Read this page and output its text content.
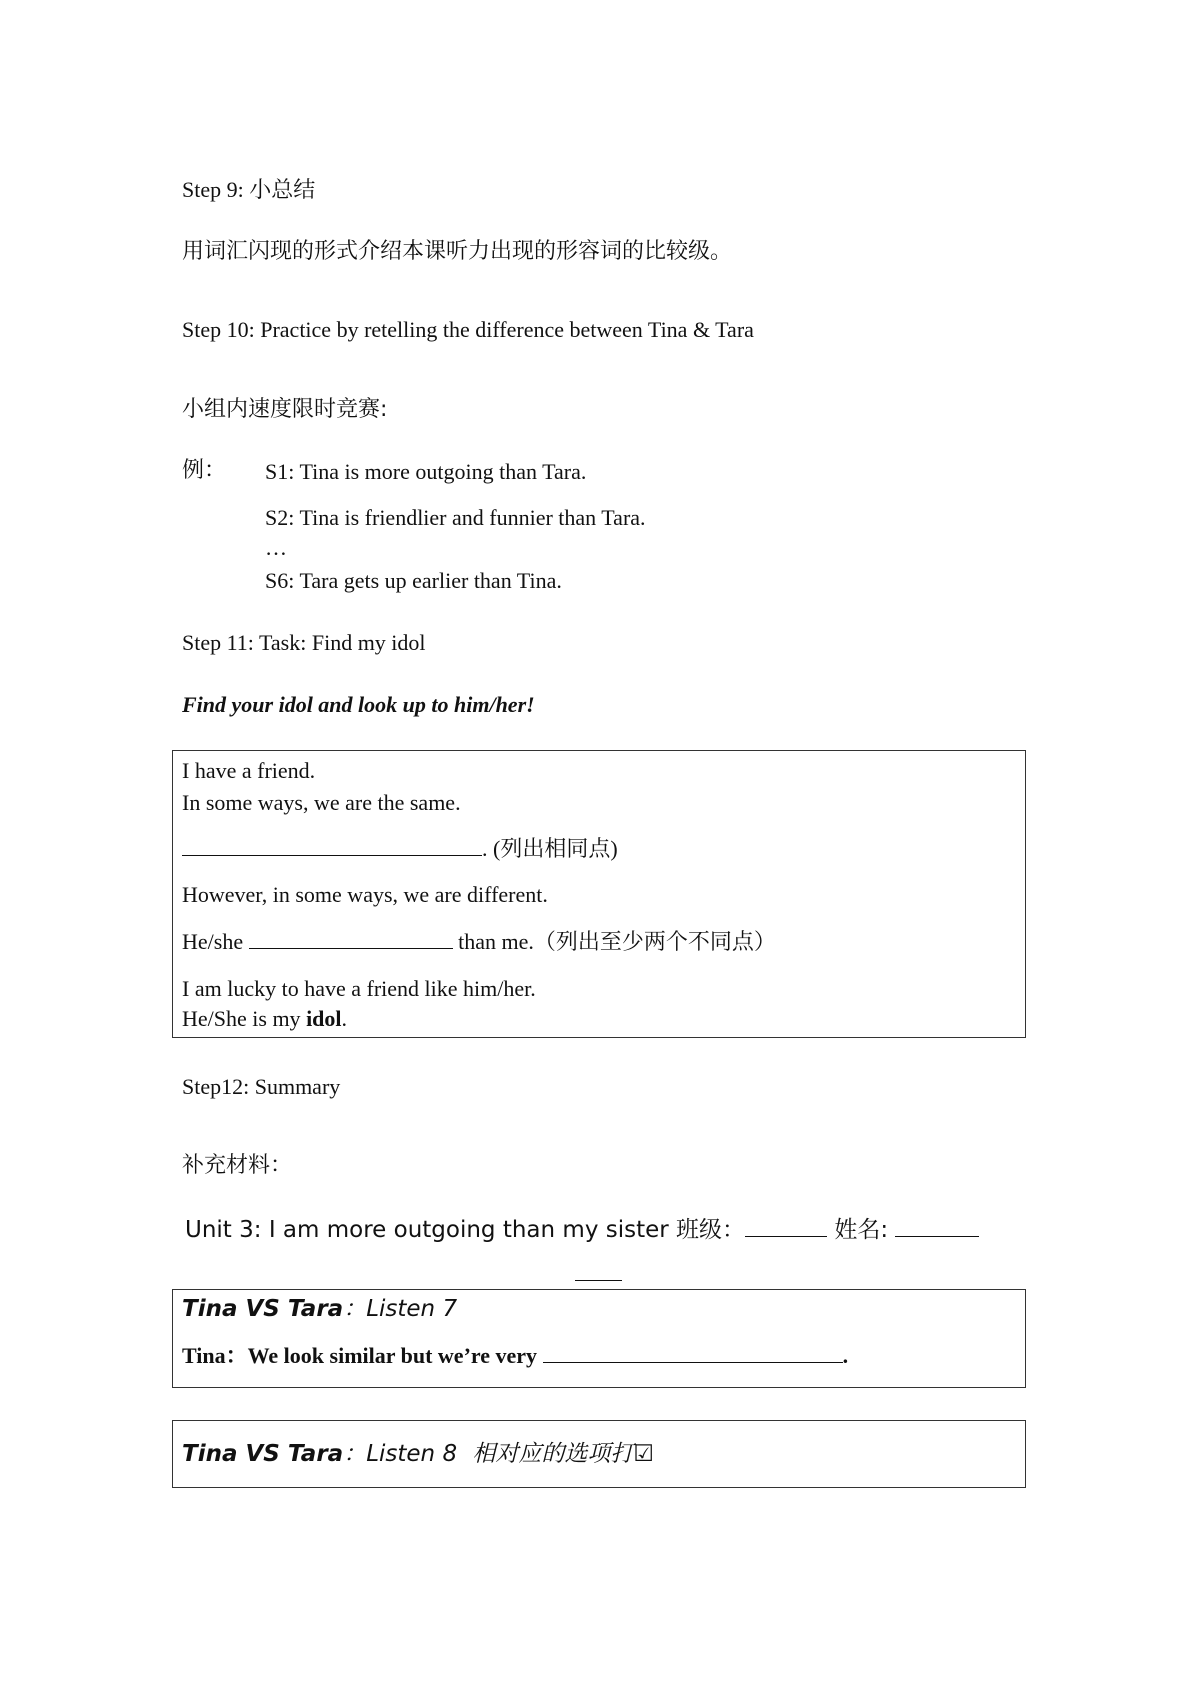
Step 9: 小总结
用词汇闪现的形式介绍本课听力出现的形容词的比较级。
Step 10: Practice by retelling the difference between Tina & Tara
小组内速度限时竞赛:
例： S1: Tina is more outgoing than Tara.
S2: Tina is friendlier and funnier than Tara.
…
S6: Tara gets up earlier than Tina.
Step 11: Task: Find my idol
Find your idol and look up to him/her!
I have a friend.
In some ways, we are the same.
. (列出相同点)
However, in some ways, we are different.
He/she	than me.（列出至少两个不同点）
I am lucky to have a friend like him/her.
He/She is my idol.
Step12: Summary
补充材料：
Unit 3: I am more outgoing than my sister 班级：	姓名:
Tina VS Tara：Listen 7
Tina：We look similar but we’re very	.
Tina VS Tara：Listen 8 相对应的选项打☑
